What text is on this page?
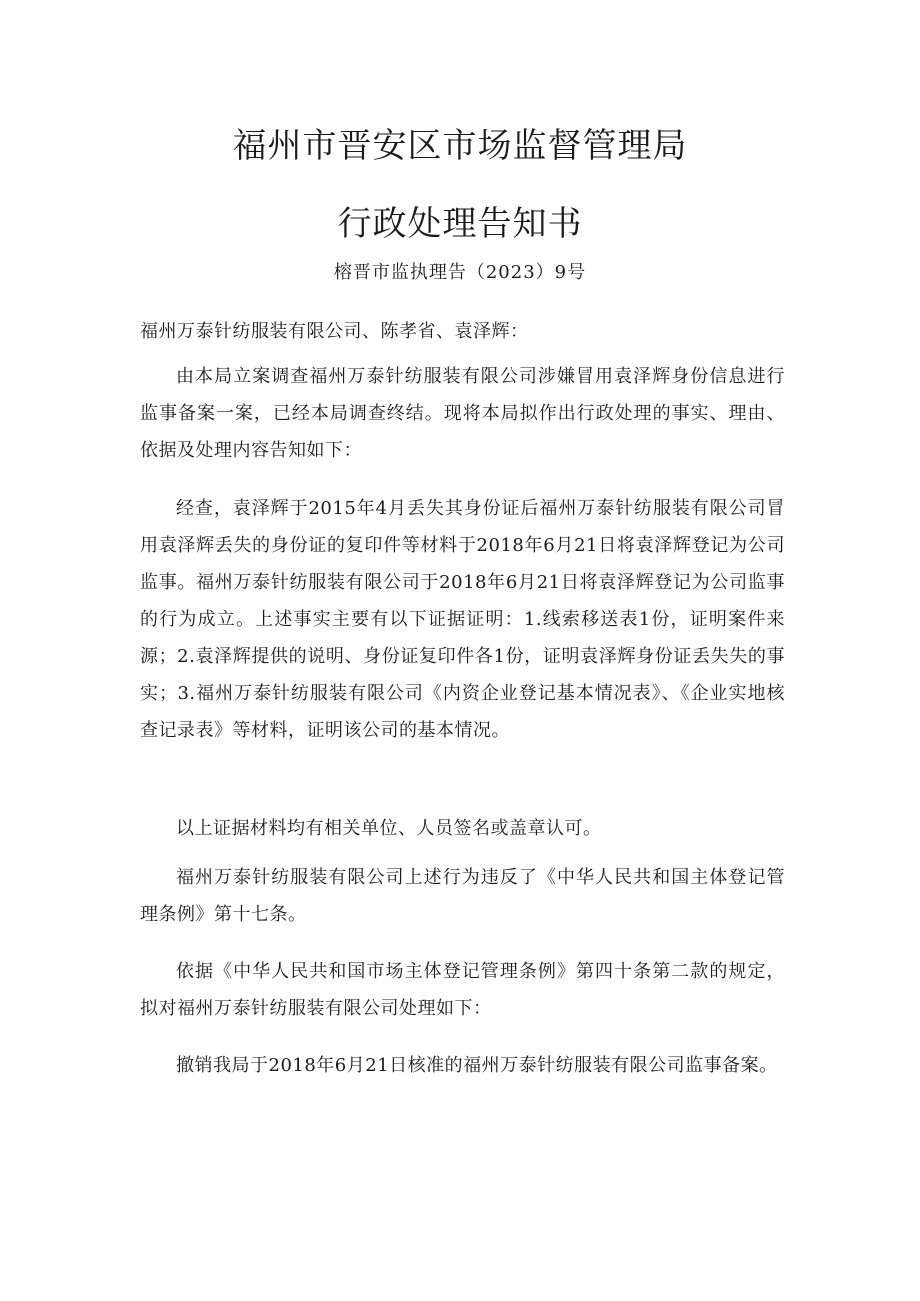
福州市晋安区市场监督管理局
行政处理告知书
榕晋市监执理告（2023）9号
福州万泰针纺服装有限公司、陈孝省、袁泽辉：
由本局立案调查福州万泰针纺服装有限公司涉嫌冒用袁泽辉身份信息进行监事备案一案，已经本局调查终结。现将本局拟作出行政处理的事实、理由、依据及处理内容告知如下：
经查，袁泽辉于2015年4月丢失其身份证后福州万泰针纺服装有限公司冒用袁泽辉丢失的身份证的复印件等材料于2018年6月21日将袁泽辉登记为公司监事。福州万泰针纺服装有限公司于2018年6月21日将袁泽辉登记为公司监事的行为成立。上述事实主要有以下证据证明：1.线索移送表1份，证明案件来源；2.袁泽辉提供的说明、身份证复印件各1份，证明袁泽辉身份证丢失失的事实；3.福州万泰针纺服装有限公司《内资企业登记基本情况表》、《企业实地核查记录表》等材料，证明该公司的基本情况。
以上证据材料均有相关单位、人员签名或盖章认可。
福州万泰针纺服装有限公司上述行为违反了《中华人民共和国主体登记管理条例》第十七条。
依据《中华人民共和国市场主体登记管理条例》第四十条第二款的规定，拟对福州万泰针纺服装有限公司处理如下：
撤销我局于2018年6月21日核准的福州万泰针纺服装有限公司监事备案。
